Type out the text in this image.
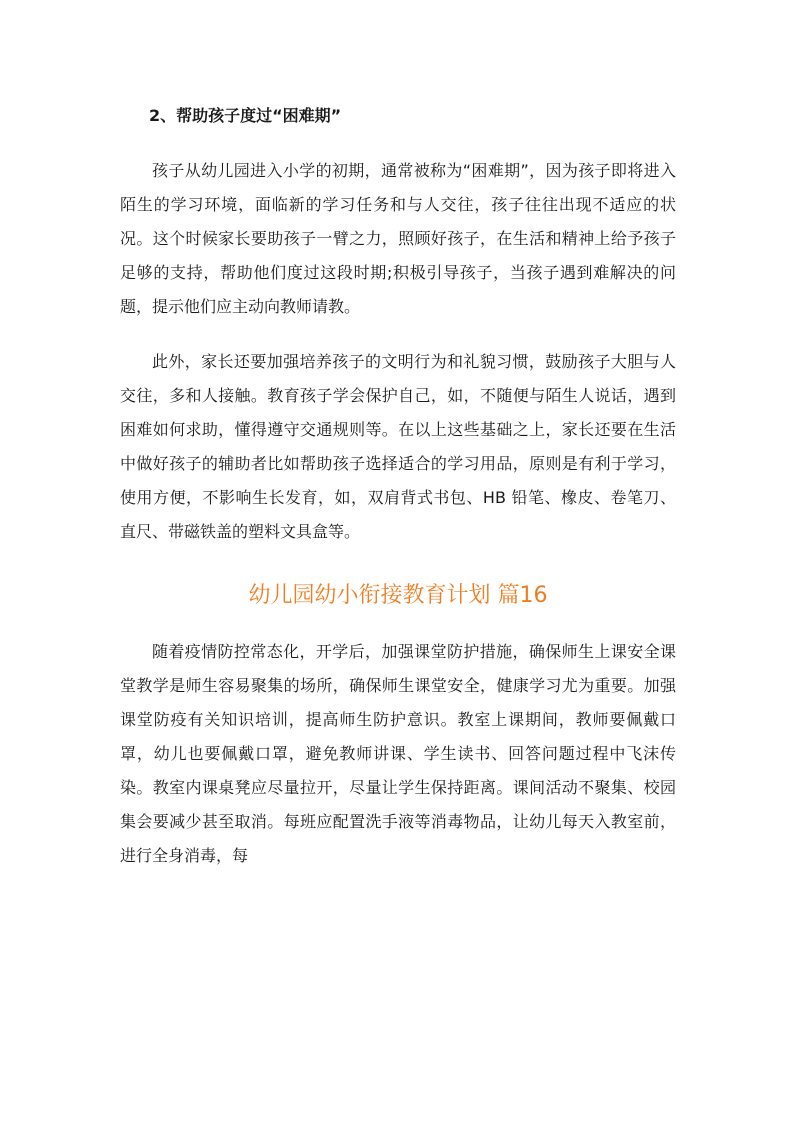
2、帮助孩子度过“困难期”

孩子从幼儿园进入小学的初期，通常被称为“困难期”，因为孩子即将进入陌生的学习环境，面临新的学习任务和与人交往，孩子往往出现不适应的状况。这个时候家长要助孩子一臂之力，照顾好孩子，在生活和精神上给予孩子足够的支持，帮助他们度过这段时期;积极引导孩子，当孩子遇到难解决的问题，提示他们应主动向教师请教。

此外，家长还要加强培养孩子的文明行为和礼貌习惯，鼓励孩子大胆与人交往，多和人接触。教育孩子学会保护自己，如，不随便与陌生人说话，遇到困难如何求助，懂得遵守交通规则等。在以上这些基础之上，家长还要在生活中做好孩子的辅助者比如帮助孩子选择适合的学习用品，原则是有利于学习，使用方便，不影响生长发育，如，双肩背式书包、HB 铅笔、橡皮、卷笔刀、直尺、带磁铁盖的塑料文具盒等。

幼儿园幼小衔接教育计划 篇16

随着疫情防控常态化，开学后，加强课堂防护措施，确保师生上课安全课堂教学是师生容易聚集的场所，确保师生课堂安全，健康学习尤为重要。加强课堂防疫有关知识培训，提高师生防护意识。教室上课期间，教师要佩戴口罩，幼儿也要佩戴口罩，避免教师讲课、学生读书、回答问题过程中飞沫传染。教室内课桌凳应尽量拉开，尽量让学生保持距离。课间活动不聚集、校园集会要减少甚至取消。每班应配置洗手液等消毒物品，让幼儿每天入教室前，进行全身消毒，每
